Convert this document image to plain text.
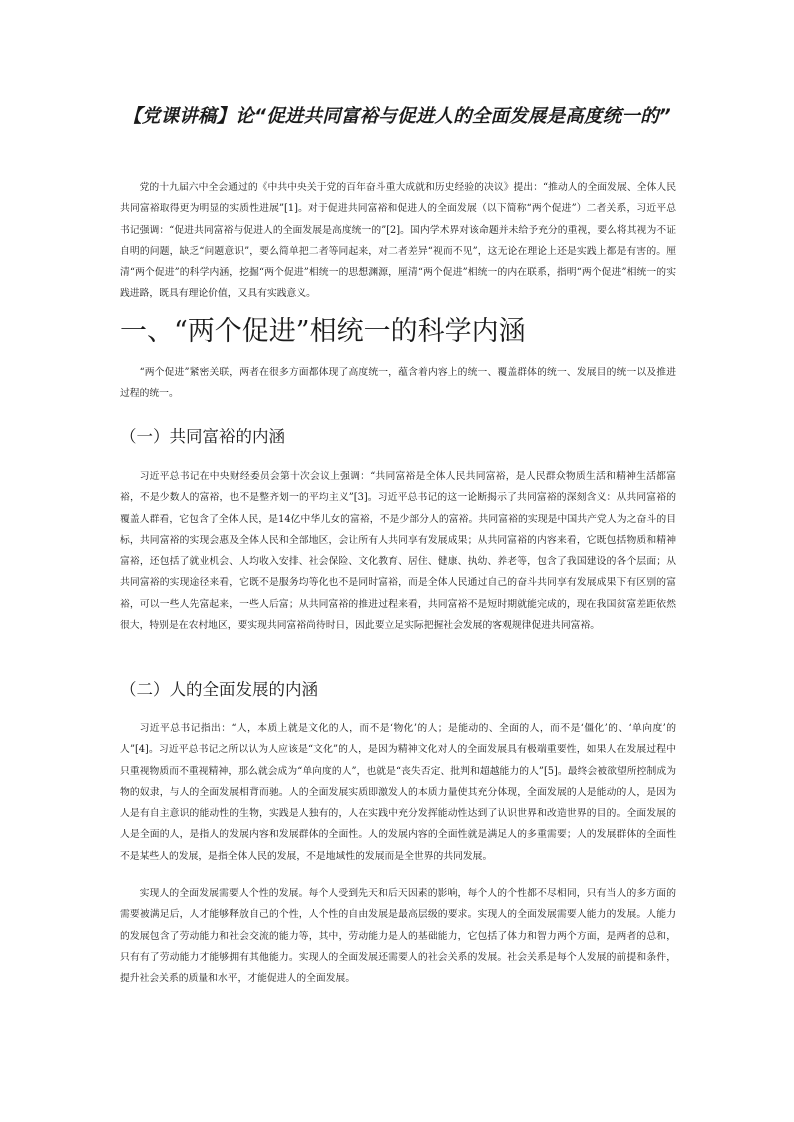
【党课讲稿】论“促进共同富裕与促进人的全面发展是高度统一的”

党的十九届六中全会通过的《中共中央关于党的百年奋斗重大成就和历史经验的决议》提出：“推动人的全面发展、全体人民共同富裕取得更为明显的实质性进展”[1]。对于促进共同富裕和促进人的全面发展（以下简称“两个促进”）二者关系，习近平总书记强调：“促进共同富裕与促进人的全面发展是高度统一的”[2]。国内学术界对该命题并未给予充分的重视，要么将其视为不证自明的问题，缺乏“问题意识”，要么简单把二者等同起来，对二者差异“视而不见”，这无论在理论上还是实践上都是有害的。厘清“两个促进”的科学内涵，挖掘“两个促进”相统一的思想渊源，厘清“两个促进”相统一的内在联系，指明“两个促进”相统一的实践进路，既具有理论价值，又具有实践意义。

一、“两个促进”相统一的科学内涵

“两个促进”紧密关联，两者在很多方面都体现了高度统一，蕴含着内容上的统一、覆盖群体的统一、发展目的统一以及推进过程的统一。

（一）共同富裕的内涵

习近平总书记在中央财经委员会第十次会议上强调：“共同富裕是全体人民共同富裕，是人民群众物质生活和精神生活都富裕，不是少数人的富裕，也不是整齐划一的平均主义”[3]。习近平总书记的这一论断揭示了共同富裕的深刻含义：从共同富裕的覆盖人群看，它包含了全体人民，是14亿中华儿女的富裕，不是少部分人的富裕。共同富裕的实现是中国共产党人为之奋斗的目标，共同富裕的实现会惠及全体人民和全部地区，会让所有人共同享有发展成果；从共同富裕的内容来看，它既包括物质和精神富裕，还包括了就业机会、人均收入安排、社会保险、文化教育、居住、健康、执幼、养老等，包含了我国建设的各个层面；从共同富裕的实现途径来看，它既不是服务均等化也不是同时富裕，而是全体人民通过自己的奋斗共同享有发展成果下有区别的富裕，可以一些人先富起来，一些人后富；从共同富裕的推进过程来看，共同富裕不是短时期就能完成的，现在我国贫富差距依然很大，特别是在农村地区，要实现共同富裕尚待时日，因此要立足实际把握社会发展的客观规律促进共同富裕。

（二）人的全面发展的内涵

习近平总书记指出：“人，本质上就是文化的人，而不是‘物化’的人；是能动的、全面的人，而不是‘僵化’的、‘单向度’的人”[4]。习近平总书记之所以认为人应该是“文化”的人，是因为精神文化对人的全面发展具有极端重要性，如果人在发展过程中只重视物质而不重视精神，那么就会成为“单向度的人”，也就是“丧失否定、批判和超越能力的人”[5]。最终会被欲望所控制成为物的奴隶，与人的全面发展相背而驰。人的全面发展实质即激发人的本质力量使其充分体现，全面发展的人是能动的人，是因为人是有自主意识的能动性的生物，实践是人独有的，人在实践中充分发挥能动性达到了认识世界和改造世界的目的。全面发展的人是全面的人，是指人的发展内容和发展群体的全面性。人的发展内容的全面性就是满足人的多重需要；人的发展群体的全面性不是某些人的发展，是指全体人民的发展，不是地域性的发展而是全世界的共同发展。

实现人的全面发展需要人个性的发展。每个人受到先天和后天因素的影响，每个人的个性都不尽相同，只有当人的多方面的需要被满足后，人才能够释放自己的个性，人个性的自由发展是最高层级的要求。实现人的全面发展需要人能力的发展。人能力的发展包含了劳动能力和社会交流的能力等，其中，劳动能力是人的基础能力，它包括了体力和智力两个方面，是两者的总和，只有有了劳动能力才能够拥有其他能力。实现人的全面发展还需要人的社会关系的发展。社会关系是每个人发展的前提和条件，提升社会关系的质量和水平，才能促进人的全面发展。
